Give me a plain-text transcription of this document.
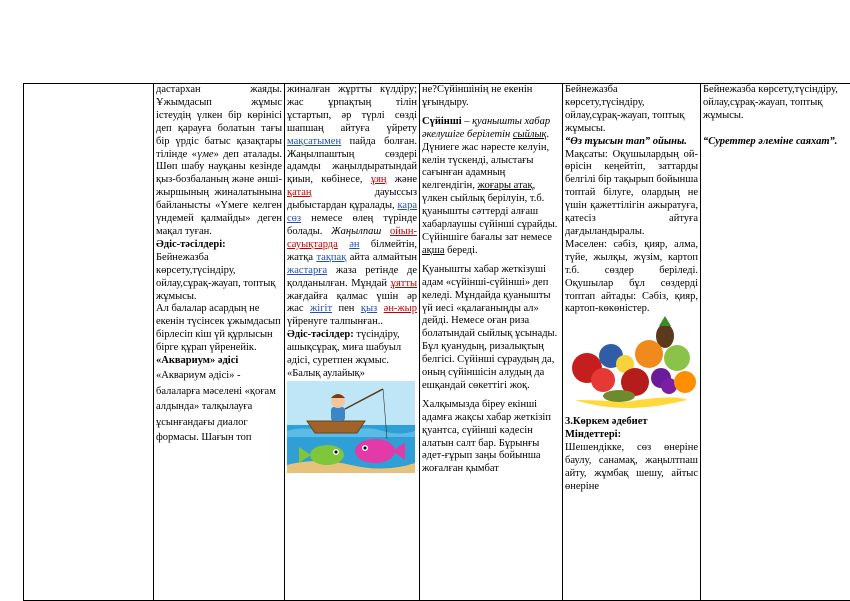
дастархан жаяды. Ұжымдасып жұмыс істеудің үлкен бір көрінісі деп қарауға болатын тағы бір үрдіс батыс қазақтары тілінде «үме» деп аталады. Шөп шабу науқаны кезінде қыз-бозбаланың және әнші-жыршының жиналатынына байланысты «Үмеге келген үндемей қалмайды» деген мақал туған.

Әдіс-тәсілдері:

Бейнежазба көрсету,түсіндіру, ойлау,сұрақ-жауап, топтық жұмысы.

Ал балалар асардың не екенін түсінсек ұжымдасып бірлесіп кіш үй құрлысын бірге құрап үйренейік.

«Аквариум» әдісі

«Аквариум әдісі» - балаларға мәселені «қоғам алдында» талқылауға ұсынғандағы диалог формасы. Шағын топ

жиналған жұртты күлдіру; жас ұрпақтың тілін ұстартып, әр түрлі сөзді шапшаң айтуға үйрету мақсатымен пайда болған. Жаңылпаштың сөздері адамды жаңылдыратындай қиын, көбінесе, ұяң және қатаң дауыссыз дыбыстардан құралады, кара сөз немесе өлең түрінде болады. Жаңылпаш ойын-сауықтарда ән білмейтін, жатқа тақпақ айта алмайтын жастарға жаза ретінде де қолданылған. Мұндай ұятты жағдайға қалмас үшін әр жас жігіт пен қыз ән-жыр үйренуге талпынған..

Әдіс-тәсілдер: түсіндіру, ашықсұрақ, миға шабуыл әдісі, суретпен жұмыс.

«Балық аулайық»

не?Сүйіншінің не екенін ұғындыру.

Сүйінші – қуанышты хабар әкелушіге берілетін сыйлық. Дүниеге жас нәресте келуін, келін түскенді, алыстағы сағынған адамның келгендігін, жоғары атақ, үлкен сыйлық берілуін, т.б. қуанышты сәттерді алғаш хабарлаушы сүйінші сұрайды. Сүйіншіге бағалы зат немесе ақша береді.

Қуанышты хабар жеткізуші адам «сүйінші-сүйінші» деп келеді. Мұндайда қуанышты үй иесі «қалағаныңды ал» дейді. Немесе оған риза болатындай сыйлық ұсынады. Бұл қуанудың, ризалықтың белгісі. Сүйінші сұраудың да, оның сүйіншісін алудың да ешқандай сөкеттігі жоқ.

Халқымызда біреу екінші адамға жақсы хабар жеткізіп қуантса, сүйінші кәдесін алатын салт бар. Бұрынғы әдет-ғұрып заңы бойынша жоғалған қымбат

Бейнежазба көрсету,түсіндіру, ойлау,сұрақ-жауап, топтық жұмысы.

“Өз тұысын тап” ойыны.

Мақсаты: Оқушылардың ой-өрісін кеңейтіп, заттарды белгілі бір тақырып бойынша топтай білуге, олардың не үшін қажеттілігін ажыратуға, қатесіз айтуға дағдыландыралы.

Мәселен: сәбіз, қияр, алма, түйе, жылқы, жүзім, картоп т.б. сөздер беріледі. Оқушылар бұл сөздерді топтап айтады: Сәбіз, қияр, картоп-көкөністер.

3.Көркем әдебиет

Міндеттері:

Шешендікке, сөз өнеріне баулу, санамақ, жаңылтпаш айту, жұмбақ шешу, айтыс өнеріне

Бейнежазба көрсету,түсіндіру, ойлау,сұрақ-жауап, топтық жұмысы.

“Суреттер әлеміне саяхат”.
